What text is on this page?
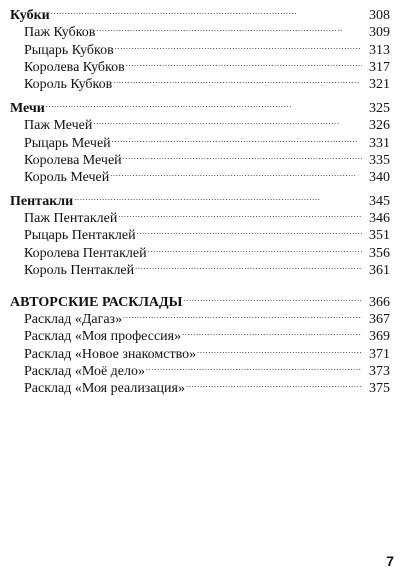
Кубки . . .	308
Паж Кубков . . .	309
Рыцарь Кубков . . .	313
Королева Кубков . . .	317
Король Кубков . . .	321
Мечи . . .	325
Паж Мечей . . .	326
Рыцарь Мечей . . .	331
Королева Мечей . . .	335
Король Мечей . . .	340
Пентакли . . .	345
Паж Пентаклей . . .	346
Рыцарь Пентаклей . . .	351
Королева Пентаклей . . .	356
Король Пентаклей . . .	361
АВТОРСКИЕ РАСКЛАДЫ . . .	366
Расклад «Дагаз» . . .	367
Расклад «Моя профессия» . . .	369
Расклад «Новое знакомство» . . .	371
Расклад «Моё дело» . . .	373
Расклад «Моя реализация» . . .	375
7
